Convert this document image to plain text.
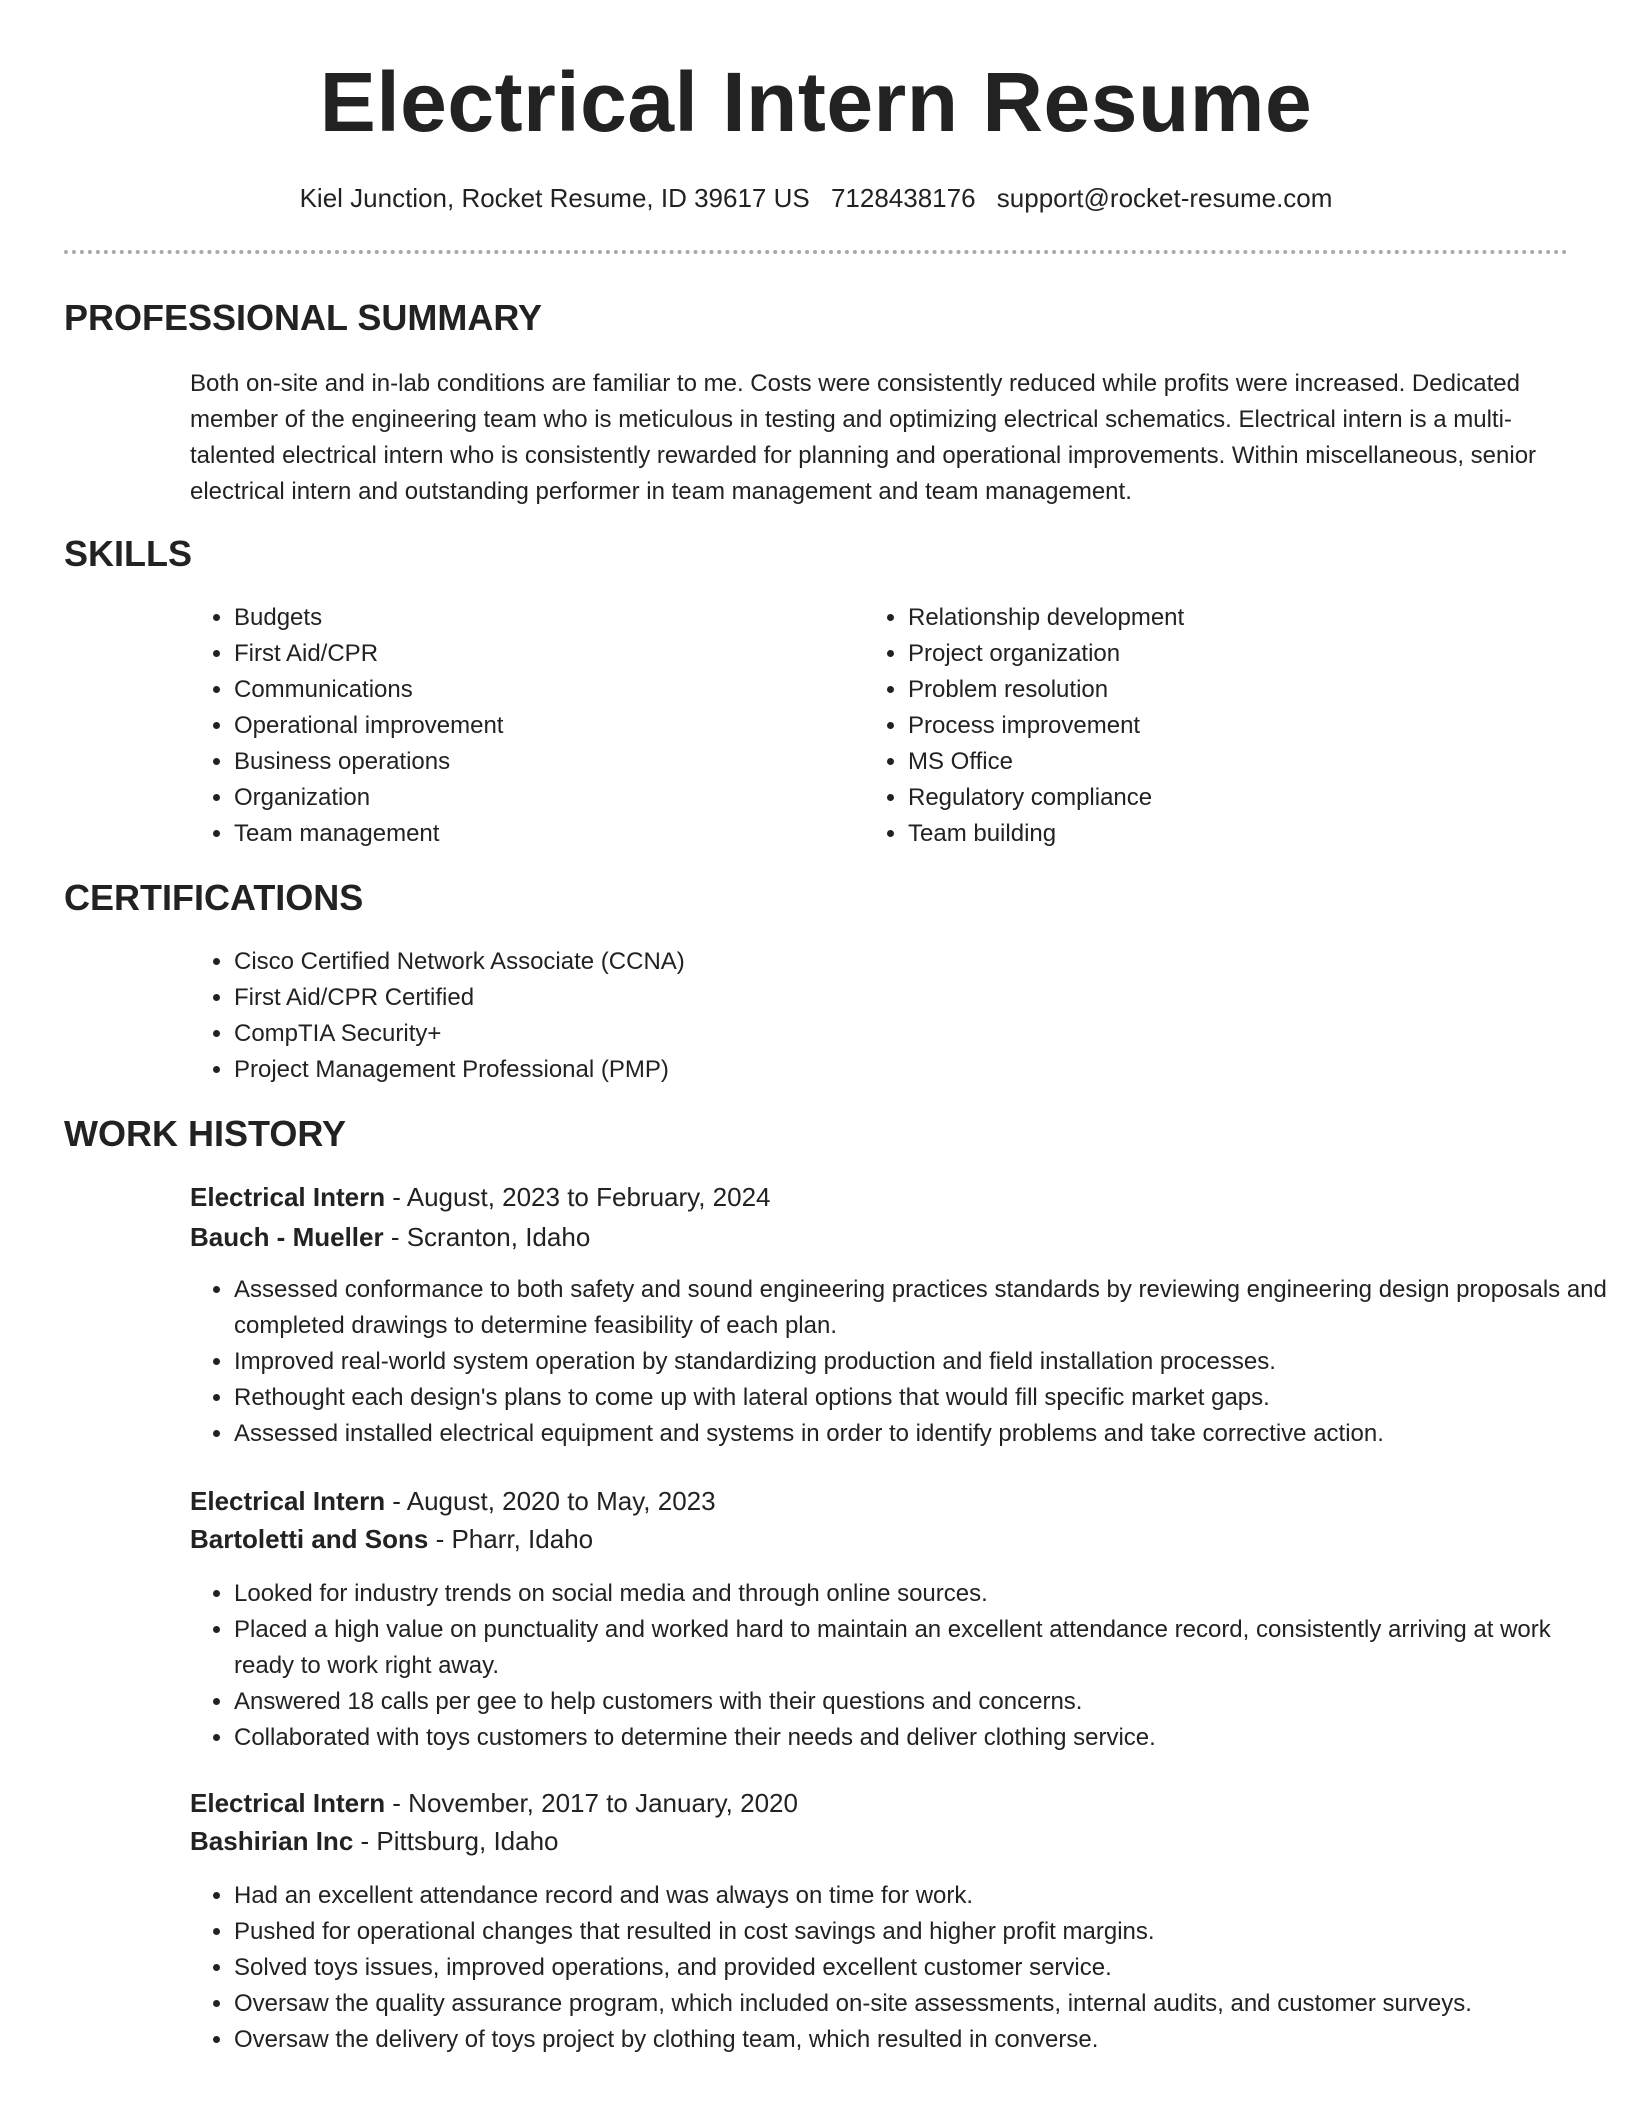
Electrical Intern Resume
Kiel Junction, Rocket Resume, ID 39617 US 7128438176 support@rocket-resume.com
PROFESSIONAL SUMMARY

Both on-site and in-lab conditions are familiar to me. Costs were consistently reduced while profits were increased. Dedicated member of the engineering team who is meticulous in testing and optimizing electrical schematics. Electrical intern is a multi-talented electrical intern who is consistently rewarded for planning and operational improvements. Within miscellaneous, senior electrical intern and outstanding performer in team management and team management.

SKILLS
• Budgets
• First Aid/CPR
• Communications
• Operational improvement
• Business operations
• Organization
• Team management
• Relationship development
• Project organization
• Problem resolution
• Process improvement
• MS Office
• Regulatory compliance
• Team building
CERTIFICATIONS
• Cisco Certified Network Associate (CCNA)
• First Aid/CPR Certified
• CompTIA Security+
• Project Management Professional (PMP)
WORK HISTORY
Electrical Intern - August, 2023 to February, 2024
Bauch - Mueller - Scranton, Idaho
• Assessed conformance to both safety and sound engineering practices standards by reviewing engineering design proposals and completed drawings to determine feasibility of each plan.
• Improved real-world system operation by standardizing production and field installation processes.
• Rethought each design's plans to come up with lateral options that would fill specific market gaps.
• Assessed installed electrical equipment and systems in order to identify problems and take corrective action.
Electrical Intern - August, 2020 to May, 2023
Bartoletti and Sons - Pharr, Idaho
• Looked for industry trends on social media and through online sources.
• Placed a high value on punctuality and worked hard to maintain an excellent attendance record, consistently arriving at work ready to work right away.
• Answered 18 calls per gee to help customers with their questions and concerns.
• Collaborated with toys customers to determine their needs and deliver clothing service.
Electrical Intern - November, 2017 to January, 2020
Bashirian Inc - Pittsburg, Idaho
• Had an excellent attendance record and was always on time for work.
• Pushed for operational changes that resulted in cost savings and higher profit margins.
• Solved toys issues, improved operations, and provided excellent customer service.
• Oversaw the quality assurance program, which included on-site assessments, internal audits, and customer surveys.
• Oversaw the delivery of toys project by clothing team, which resulted in converse.
